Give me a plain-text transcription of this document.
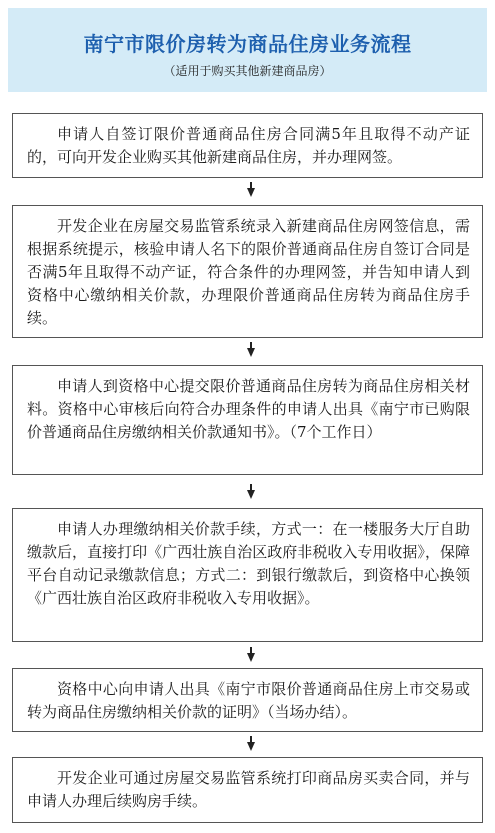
南宁市限价房转为商品住房业务流程
（适用于购买其他新建商品房）
申请人自签订限价普通商品住房合同满5年且取得不动产证的，可向开发企业购买其他新建商品住房，并办理网签。
开发企业在房屋交易监管系统录入新建商品住房网签信息，需根据系统提示，核验申请人名下的限价普通商品住房自签订合同是否满5年且取得不动产证，符合条件的办理网签，并告知申请人到资格中心缴纳相关价款，办理限价普通商品住房转为商品住房手续。
申请人到资格中心提交限价普通商品住房转为商品住房相关材料。资格中心审核后向符合办理条件的申请人出具《南宁市已购限价普通商品住房缴纳相关价款通知书》。（7个工作日）
申请人办理缴纳相关价款手续，方式一：在一楼服务大厅自助缴款后，直接打印《广西壮族自治区政府非税收入专用收据》，保障平台自动记录缴款信息；方式二：到银行缴款后，到资格中心换领《广西壮族自治区政府非税收入专用收据》。
资格中心向申请人出具《南宁市限价普通商品住房上市交易或转为商品住房缴纳相关价款的证明》（当场办结）。
开发企业可通过房屋交易监管系统打印商品房买卖合同，并与申请人办理后续购房手续。
